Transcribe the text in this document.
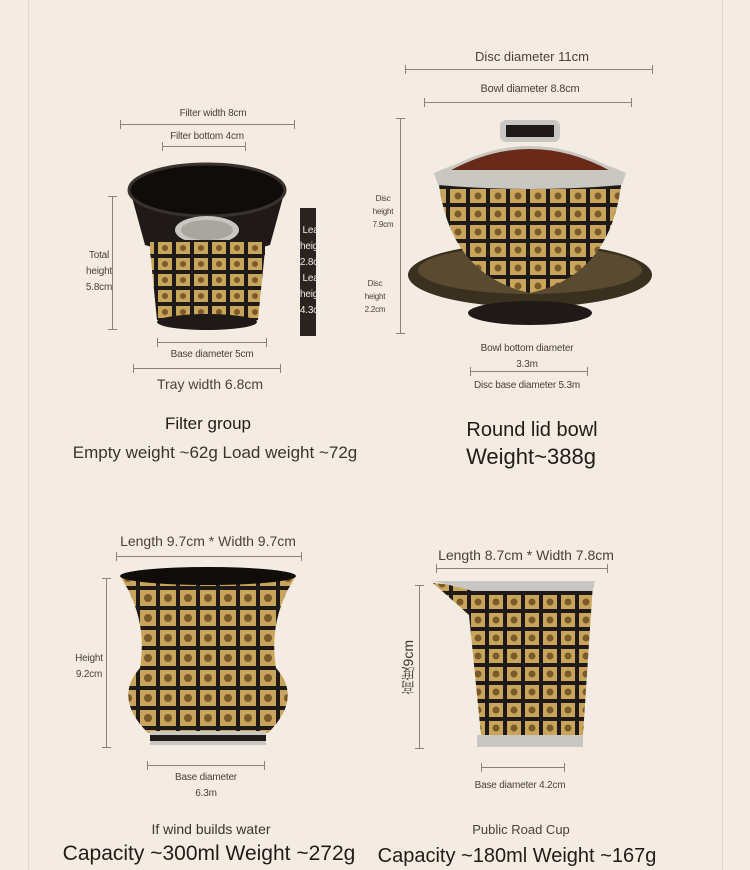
Filter width 8cm
Filter bottom 4cm
Total
height
5.8cm
Leak
height
2.8cm
Leak
height
4.3cm
Base diameter 5cm
Tray width 6.8cm
Filter group
Empty weight ~62g Load weight ~72g
Disc diameter 11cm
Bowl diameter 8.8cm
Disc
height
7.9cm
Disc
height
2.2cm
Bowl bottom diameter
3.3m
Disc base diameter 5.3m
Round lid bowl
Weight~388g
Length 9.7cm * Width 9.7cm
Height
9.2cm
Base diameter
6.3m
If wind builds water
Capacity ~300ml Weight ~272g
Length 8.7cm * Width 7.8cm
高度9cm
Base diameter 4.2cm
Public Road Cup
Capacity ~180ml Weight ~167g
